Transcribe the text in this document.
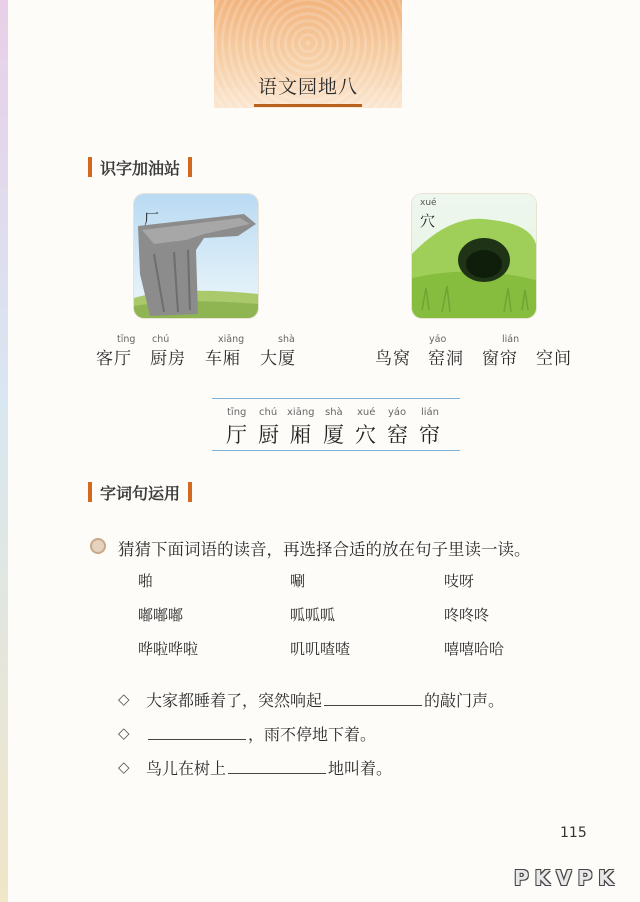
语文园地八
识字加油站
厂
xué
穴
tīng chú	xiāng	shà	yáo	lián
客厅 厨房 车厢 大厦	鸟窝 窑洞 窗帘 空间
tīng chú xiāng shà xué yáo lián
厅 厨 厢 厦 穴 窑 帘
字词句运用
猜猜下面词语的读音，再选择合适的放在句子里读一读。
啪	唰	吱呀
嘟嘟嘟	呱呱呱	咚咚咚
哗啦哗啦	叽叽喳喳	嘻嘻哈哈
◇ 大家都睡着了，突然响起	的敲门声。
◇	，雨不停地下着。
◇ 鸟儿在树上	地叫着。
115
PKVPK
